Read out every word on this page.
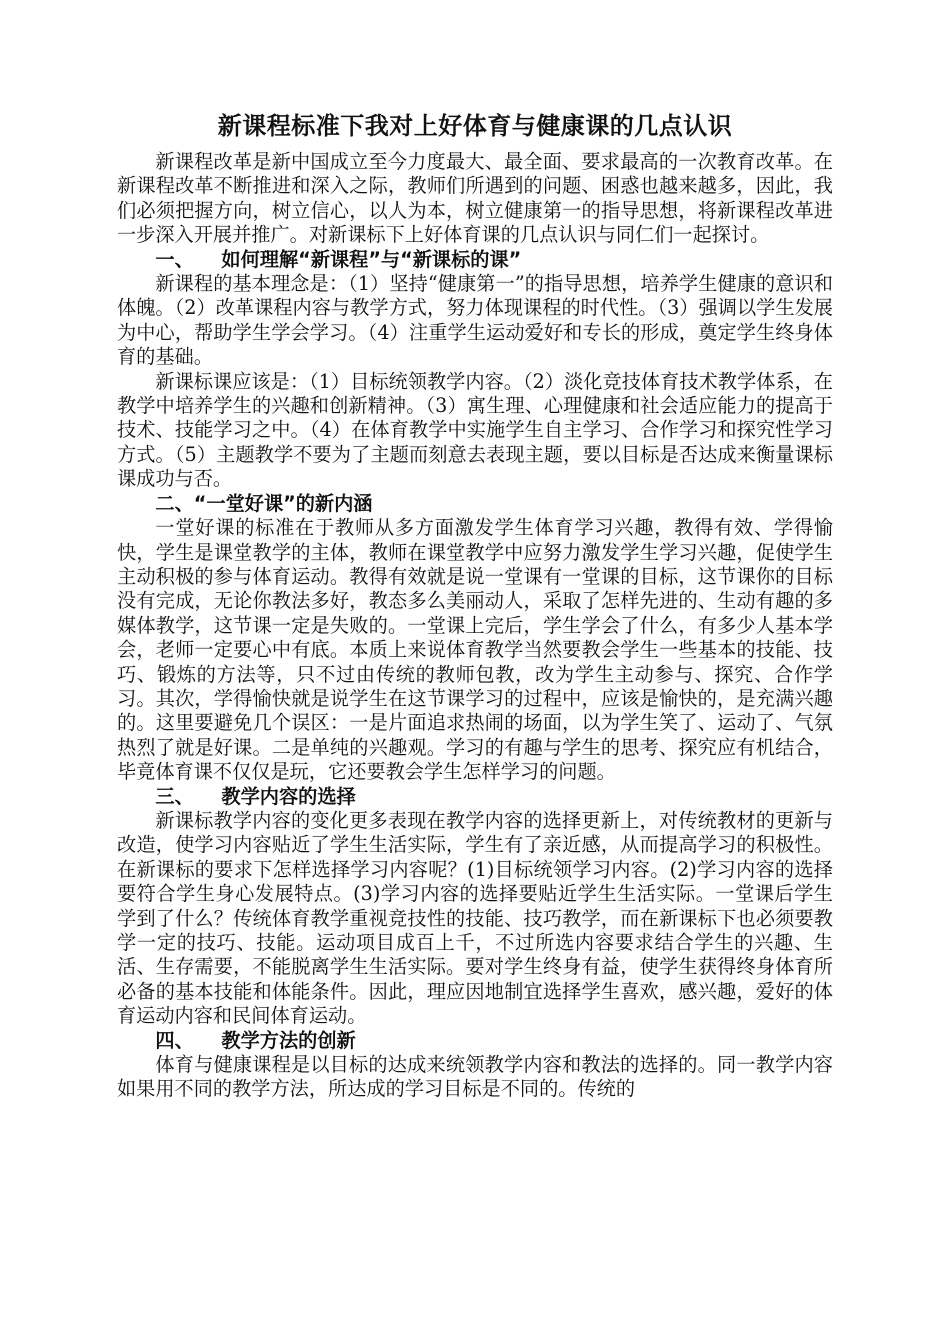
新课程标准下我对上好体育与健康课的几点认识

新课程改革是新中国成立至今力度最大、最全面、要求最高的一次教育改革。在新课程改革不断推进和深入之际，教师们所遇到的问题、困惑也越来越多，因此，我们必须把握方向，树立信心，以人为本，树立健康第一的指导思想，将新课程改革进一步深入开展并推广。对新课标下上好体育课的几点认识与同仁们一起探讨。

一、 如何理解“新课程”与“新课标的课”

新课程的基本理念是：（1）坚持“健康第一”的指导思想，培养学生健康的意识和体魄。（2）改革课程内容与教学方式，努力体现课程的时代性。（3）强调以学生发展为中心，帮助学生学会学习。（4）注重学生运动爱好和专长的形成，奠定学生终身体育的基础。

新课标课应该是：（1）目标统领教学内容。（2）淡化竞技体育技术教学体系，在教学中培养学生的兴趣和创新精神。（3）寓生理、心理健康和社会适应能力的提高于技术、技能学习之中。（4）在体育教学中实施学生自主学习、合作学习和探究性学习方式。（5）主题教学不要为了主题而刻意去表现主题，要以目标是否达成来衡量课标课成功与否。

二、“一堂好课”的新内涵

一堂好课的标准在于教师从多方面激发学生体育学习兴趣，教得有效、学得愉快，学生是课堂教学的主体，教师在课堂教学中应努力激发学生学习兴趣，促使学生主动积极的参与体育运动。教得有效就是说一堂课有一堂课的目标，这节课你的目标没有完成，无论你教法多好，教态多么美丽动人，采取了怎样先进的、生动有趣的多媒体教学，这节课一定是失败的。一堂课上完后，学生学会了什么，有多少人基本学会，老师一定要心中有底。本质上来说体育教学当然要教会学生一些基本的技能、技巧、锻炼的方法等，只不过由传统的教师包教，改为学生主动参与、探究、合作学习。其次，学得愉快就是说学生在这节课学习的过程中，应该是愉快的，是充满兴趣的。这里要避免几个误区：一是片面追求热闹的场面，以为学生笑了、运动了、气氛热烈了就是好课。二是单纯的兴趣观。学习的有趣与学生的思考、探究应有机结合，毕竟体育课不仅仅是玩，它还要教会学生怎样学习的问题。

三、 教学内容的选择

新课标教学内容的变化更多表现在教学内容的选择更新上，对传统教材的更新与改造，使学习内容贴近了学生生活实际，学生有了亲近感，从而提高学习的积极性。在新课标的要求下怎样选择学习内容呢？(1)目标统领学习内容。(2)学习内容的选择要符合学生身心发展特点。(3)学习内容的选择要贴近学生生活实际。一堂课后学生学到了什么？传统体育教学重视竞技性的技能、技巧教学，而在新课标下也必须要教学一定的技巧、技能。运动项目成百上千，不过所选内容要求结合学生的兴趣、生活、生存需要，不能脱离学生生活实际。要对学生终身有益，使学生获得终身体育所必备的基本技能和体能条件。因此，理应因地制宜选择学生喜欢，感兴趣，爱好的体育运动内容和民间体育运动。

四、 教学方法的创新

体育与健康课程是以目标的达成来统领教学内容和教法的选择的。同一教学内容如果用不同的教学方法，所达成的学习目标是不同的。传统的
